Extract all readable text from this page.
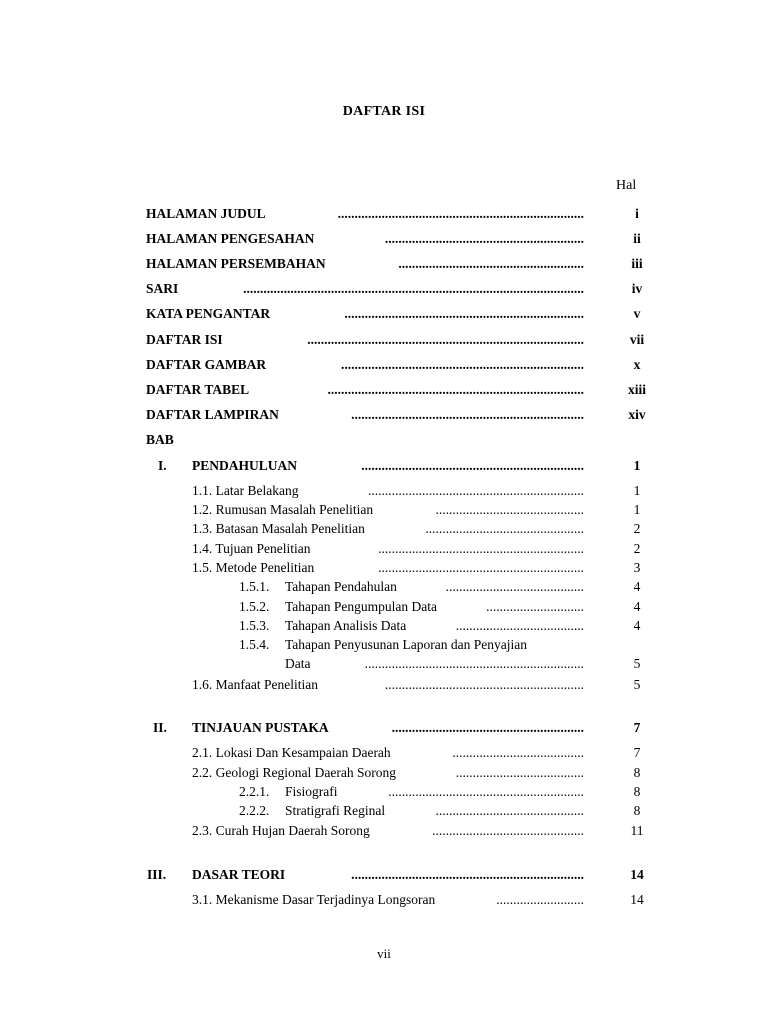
DAFTAR ISI
Hal
HALAMAN JUDUL	.........................................................................	i
HALAMAN PENGESAHAN	...........................................................	ii
HALAMAN PERSEMBAHAN	.......................................................	iii
SARI	.....................................................................................................	iv
KATA PENGANTAR	.......................................................................	v
DAFTAR ISI	..................................................................................	vii
DAFTAR GAMBAR	........................................................................	x
DAFTAR TABEL	............................................................................	xiii
DAFTAR LAMPIRAN	.....................................................................	xiv
BAB
I. PENDAHULUAN	..................................................................	1
1.1. Latar Belakang	................................................................	1
1.2. Rumusan Masalah Penelitian	............................................	1
1.3. Batasan Masalah Penelitian	...............................................	2
1.4. Tujuan Penelitian	.............................................................	2
1.5. Metode Penelitian	.............................................................	3
1.5.1. Tahapan Pendahulan	.........................................	4
1.5.2. Tahapan Pengumpulan Data	.............................	4
1.5.3. Tahapan Analisis Data	......................................	4
1.5.4. Tahapan Penyusunan Laporan dan Penyajian
Data	.................................................................	5
1.6. Manfaat Penelitian	...........................................................	5
II. TINJAUAN PUSTAKA	.........................................................	7
2.1. Lokasi Dan Kesampaian Daerah	.......................................	7
2.2. Geologi Regional Daerah Sorong	......................................	8
2.2.1. Fisiografi	..........................................................	8
2.2.2. Stratigrafi Reginal	............................................	8
2.3. Curah Hujan Daerah Sorong	.............................................	11
III. DASAR TEORI	.....................................................................	14
3.1. Mekanisme Dasar Terjadinya Longsoran	..........................	14
vii
